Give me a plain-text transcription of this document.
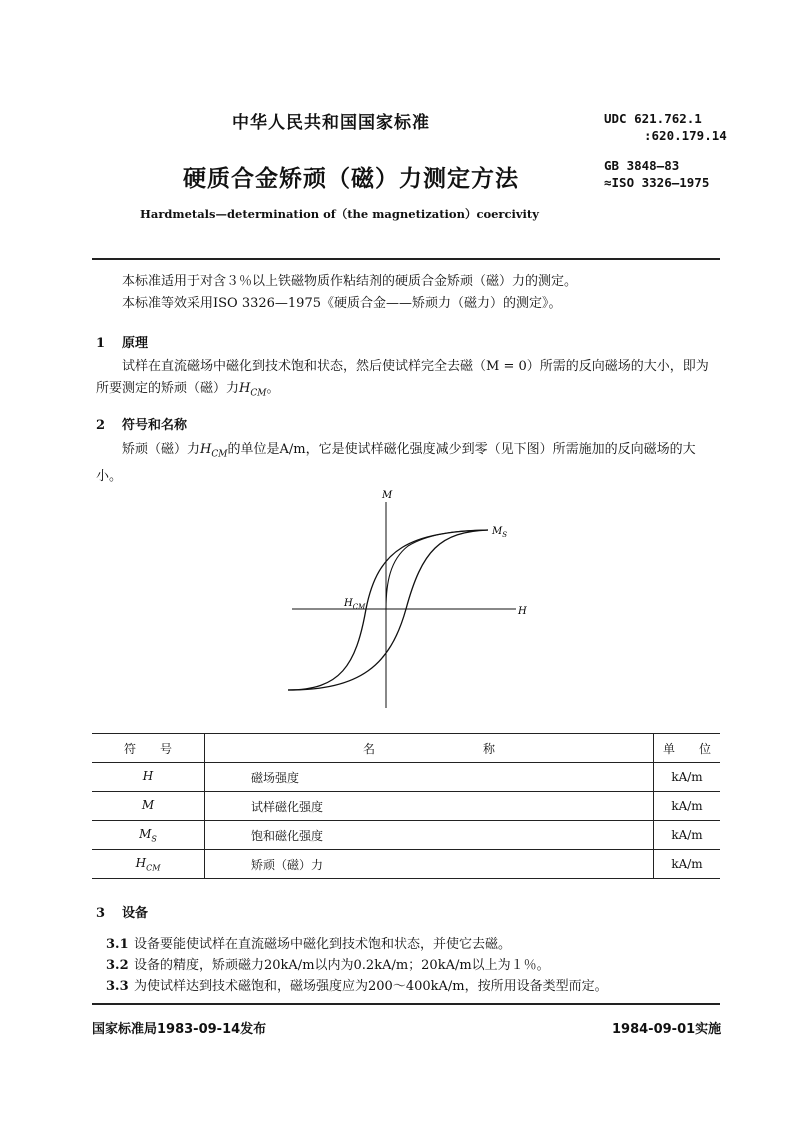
中华人民共和国国家标准
硬质合金矫顽（磁）力测定方法
Hardmetals—determination of（the magnetization）coercivity
UDC 621.762.1
:620.179.14
GB 3848—83
≈ISO 3326—1975
本标准适用于对含３％以上铁磁物质作粘结剂的硬质合金矫顽（磁）力的测定。
本标准等效采用ISO 3326—1975《硬质合金——矫顽力（磁力）的测定》。
1 原理
试样在直流磁场中磁化到技术饱和状态，然后使试样完全去磁（M = 0）所需的反向磁场的大小，即为所要测定的矫顽（磁）力$H_{CM}$。
2 符号和名称
矫顽（磁）力$H_{CM}$的单位是A/m，它是使试样磁化强度减少到零（见下图）所需施加的反向磁场的大小。
M
H
$M_S$
$H_{CM}$
符　　号	名　　　　　　　　　称	单　　位
H	磁场强度	kA/m
M	试样磁化强度	kA/m
$M_S$	饱和磁化强度	kA/m
$H_{CM}$	矫顽（磁）力	kA/m
3 设备
3.1 设备要能使试样在直流磁场中磁化到技术饱和状态，并使它去磁。
3.2 设备的精度，矫顽磁力20kA/m以内为0.2kA/m；20kA/m以上为１％。
3.3 为使试样达到技术磁饱和，磁场强度应为200～400kA/m，按所用设备类型而定。
国家标准局1983-09-14发布	1984-09-01实施
